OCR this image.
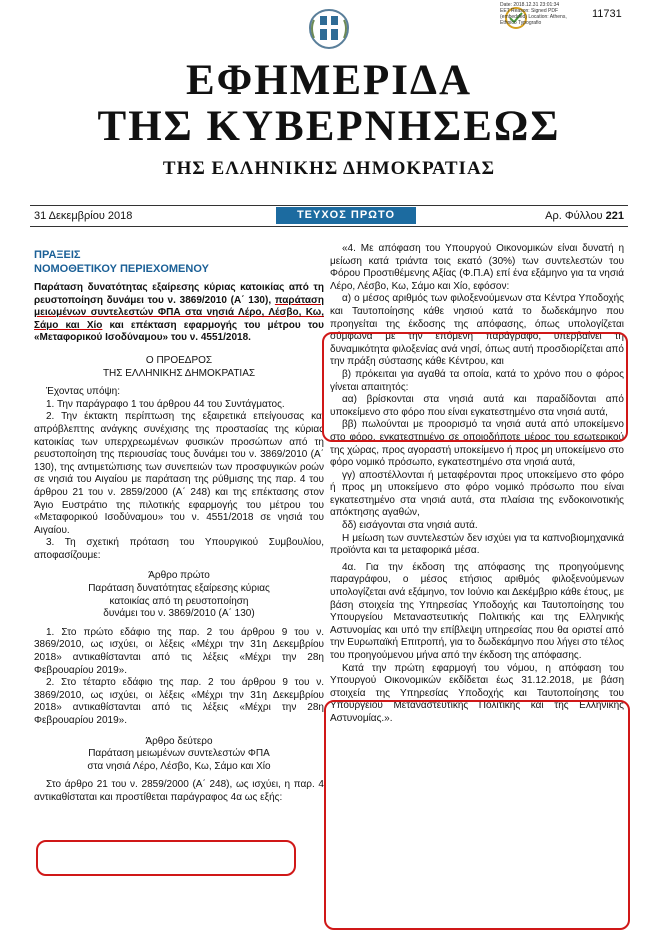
Date: 2018.12.31 23:01:34 EET Reason: Signed PDF (embedded) Location: Athens, Ethnico Typografio
11731
ΕΦΗΜΕΡΙΔΑ
ΤΗΣ ΚΥΒΕΡΝΗΣΕΩΣ
ΤΗΣ ΕΛΛΗΝΙΚΗΣ ΔΗΜΟΚΡΑΤΙΑΣ
31 Δεκεμβρίου 2018	ΤΕΥΧΟΣ ΠΡΩΤΟ	Αρ. Φύλλου 221
ΠΡΑΞΕΙΣ
ΝΟΜΟΘΕΤΙΚΟΥ ΠΕΡΙΕΧΟΜΕΝΟΥ

Παράταση δυνατότητας εξαίρεσης κύριας κατοικίας από τη ρευστοποίηση δυνάμει του ν. 3869/2010 (Α΄ 130), παράταση μειωμένων συντελεστών ΦΠΑ στα νησιά Λέρο, Λέσβο, Κω, Σάμο και Χίο και επέκταση εφαρμογής του μέτρου του «Μεταφορικού Ισοδύναμου» του ν. 4551/2018.

Ο ΠΡΟΕΔΡΟΣ
ΤΗΣ ΕΛΛΗΝΙΚΗΣ ΔΗΜΟΚΡΑΤΙΑΣ

Έχοντας υπόψη:

1. Την παράγραφο 1 του άρθρου 44 του Συντάγματος.

2. Την έκτακτη περίπτωση της εξαιρετικά επείγουσας και απρόβλεπτης ανάγκης συνέχισης της προστασίας της κύριας κατοικίας των υπερχρεωμένων φυσικών προσώπων από τη ρευστοποίηση της περιουσίας τους δυνάμει του ν. 3869/2010 (Α΄ 130), της αντιμετώπισης των συνεπειών των προσφυγικών ροών σε νησιά του Αιγαίου με παράταση της ρύθμισης της παρ. 4 του άρθρου 21 του ν. 2859/2000 (Α΄ 248) και της επέκτασης στον Άγιο Ευστράτιο της πιλοτικής εφαρμογής του μέτρου του «Μεταφορικού Ισοδύναμου» του ν. 4551/2018 σε νησιά του Αιγαίου.

3. Τη σχετική πρόταση του Υπουργικού Συμβουλίου, αποφασίζουμε:

Άρθρο πρώτο
Παράταση δυνατότητας εξαίρεσης κύριας
κατοικίας από τη ρευστοποίηση
δυνάμει του ν. 3869/2010 (Α΄ 130)

1. Στο πρώτο εδάφιο της παρ. 2 του άρθρου 9 του ν. 3869/2010, ως ισχύει, οι λέξεις «Μέχρι την 31η Δεκεμβρίου 2018» αντικαθίστανται από τις λέξεις «Μέχρι την 28η Φεβρουαρίου 2019».

2. Στο τέταρτο εδάφιο της παρ. 2 του άρθρου 9 του ν. 3869/2010, ως ισχύει, οι λέξεις «Μέχρι την 31η Δεκεμβρίου 2018» αντικαθίστανται από τις λέξεις «Μέχρι την 28η Φεβρουαρίου 2019».

Άρθρο δεύτερο
Παράταση μειωμένων συντελεστών ΦΠΑ
στα νησιά Λέρο, Λέσβο, Κω, Σάμο και Χίο

Στο άρθρο 21 του ν. 2859/2000 (Α΄ 248), ως ισχύει, η παρ. 4 αντικαθίσταται και προστίθεται παράγραφος 4α ως εξής:

«4. Με απόφαση του Υπουργού Οικονομικών είναι δυνατή η μείωση κατά τριάντα τοις εκατό (30%) των συντελεστών του Φόρου Προστιθέμενης Αξίας (Φ.Π.Α) επί ένα εξάμηνο για τα νησιά Λέρο, Λέσβο, Κω, Σάμο και Χίο, εφόσον:

α) ο μέσος αριθμός των φιλοξενούμενων στα Κέντρα Υποδοχής και Ταυτοποίησης κάθε νησιού κατά το δωδεκάμηνο που προηγείται της έκδοσης της απόφασης, όπως υπολογίζεται σύμφωνα με την επόμενη παράγραφο, υπερβαίνει τη δυναμικότητα φιλοξενίας ανά νησί, όπως αυτή προσδιορίζεται από την πράξη σύστασης κάθε Κέντρου, και

β) πρόκειται για αγαθά τα οποία, κατά το χρόνο που ο φόρος γίνεται απαιτητός:

αα) βρίσκονται στα νησιά αυτά και παραδίδονται από υποκείμενο στο φόρο που είναι εγκατεστημένο στα νησιά αυτά,

ββ) πωλούνται με προορισμό τα νησιά αυτά από υποκείμενο στο φόρο, εγκατεστημένο σε οποιοδήποτε μέρος του εσωτερικού της χώρας, προς αγοραστή υποκείμενο ή προς μη υποκείμενο στο φόρο νομικό πρόσωπο, εγκατεστημένο στα νησιά αυτά,

γγ) αποστέλλονται ή μεταφέρονται προς υποκείμενο στο φόρο ή προς μη υποκείμενο στο φόρο νομικό πρόσωπο που είναι εγκατεστημένο στα νησιά αυτά, στα πλαίσια της ενδοκοινοτικής απόκτησης αγαθών,

δδ) εισάγονται στα νησιά αυτά.

Η μείωση των συντελεστών δεν ισχύει για τα καπνοβιομηχανικά προϊόντα και τα μεταφορικά μέσα.

4α. Για την έκδοση της απόφασης της προηγούμενης παραγράφου, ο μέσος ετήσιος αριθμός φιλοξενούμενων υπολογίζεται ανά εξάμηνο, τον Ιούνιο και Δεκέμβριο κάθε έτους, με βάση στοιχεία της Υπηρεσίας Υποδοχής και Ταυτοποίησης του Υπουργείου Μεταναστευτικής Πολιτικής και της Ελληνικής Αστυνομίας και υπό την επίβλεψη υπηρεσίας που θα οριστεί από την Ευρωπαϊκή Επιτροπή, για το δωδεκάμηνο που λήγει στο τέλος του προηγούμενου μήνα από την έκδοση της απόφασης.

Κατά την πρώτη εφαρμογή του νόμου, η απόφαση του Υπουργού Οικονομικών εκδίδεται έως 31.12.2018, με βάση στοιχεία της Υπηρεσίας Υποδοχής και Ταυτοποίησης του Υπουργείου Μεταναστευτικής Πολιτικής και της Ελληνικής Αστυνομίας.».
